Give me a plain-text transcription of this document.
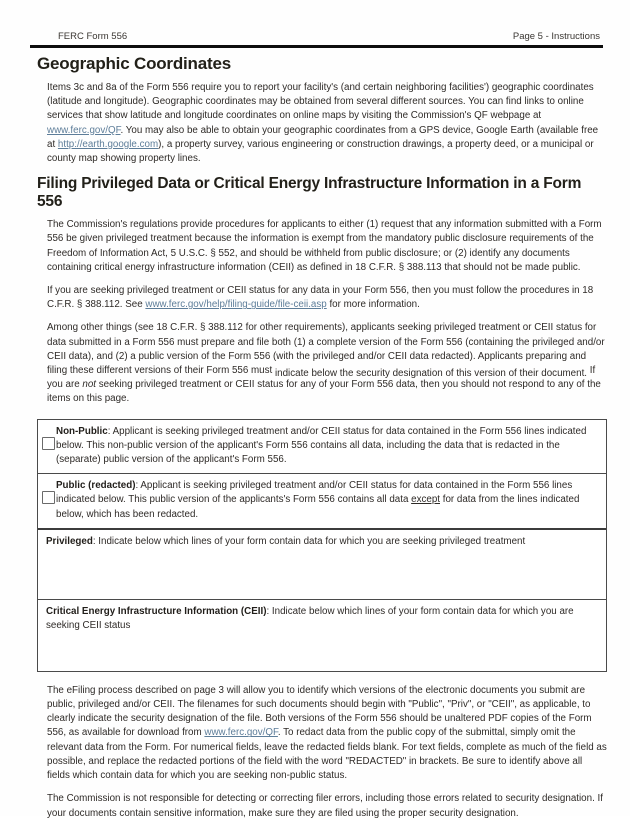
FERC Form 556	Page 5 - Instructions
Geographic Coordinates

Items 3c and 8a of the Form 556 require you to report your facility's (and certain neighboring facilities') geographic coordinates (latitude and longitude). Geographic coordinates may be obtained from several different sources. You can find links to online services that show latitude and longitude coordinates on online maps by visiting the Commission's QF webpage at www.ferc.gov/QF. You may also be able to obtain your geographic coordinates from a GPS device, Google Earth (available free at http://earth.google.com), a property survey, various engineering or construction drawings, a property deed, or a municipal or county map showing property lines.

Filing Privileged Data or Critical Energy Infrastructure Information in a Form 556

The Commission's regulations provide procedures for applicants to either (1) request that any information submitted with a Form 556 be given privileged treatment because the information is exempt from the mandatory public disclosure requirements of the Freedom of Information Act, 5 U.S.C. § 552, and should be withheld from public disclosure; or (2) identify any documents containing critical energy infrastructure information (CEII) as defined in 18 C.F.R. § 388.113 that should not be made public.

If you are seeking privileged treatment or CEII status for any data in your Form 556, then you must follow the procedures in 18 C.F.R. § 388.112. See www.ferc.gov/help/filing-guide/file-ceii.asp for more information.

Among other things (see 18 C.F.R. § 388.112 for other requirements), applicants seeking privileged treatment or CEII status for data submitted in a Form 556 must prepare and file both (1) a complete version of the Form 556 (containing the privileged and/or CEII data), and (2) a public version of the Form 556 (with the privileged and/or CEII data redacted). Applicants preparing and filing these different versions of their Form 556 must indicate below the security designation of this version of their document. If you are not seeking privileged treatment or CEII status for any of your Form 556 data, then you should not respond to any of the items on this page.

Non-Public: Applicant is seeking privileged treatment and/or CEII status for data contained in the Form 556 lines indicated below. This non-public version of the applicant's Form 556 contains all data, including the data that is redacted in the (separate) public version of the applicant's Form 556.
Public (redacted): Applicant is seeking privileged treatment and/or CEII status for data contained in the Form 556 lines indicated below. This public version of the applicants's Form 556 contains all data except for data from the lines indicated below, which has been redacted.
Privileged: Indicate below which lines of your form contain data for which you are seeking privileged treatment
Critical Energy Infrastructure Information (CEII): Indicate below which lines of your form contain data for which you are seeking CEII status

The eFiling process described on page 3 will allow you to identify which versions of the electronic documents you submit are public, privileged and/or CEII. The filenames for such documents should begin with "Public", "Priv", or "CEII", as applicable, to clearly indicate the security designation of the file. Both versions of the Form 556 should be unaltered PDF copies of the Form 556, as available for download from www.ferc.gov/QF. To redact data from the public copy of the submittal, simply omit the relevant data from the Form. For numerical fields, leave the redacted fields blank. For text fields, complete as much of the field as possible, and replace the redacted portions of the field with the word "REDACTED" in brackets. Be sure to identify above all fields which contain data for which you are seeking non-public status.

The Commission is not responsible for detecting or correcting filer errors, including those errors related to security designation. If your documents contain sensitive information, make sure they are filed using the proper security designation.
